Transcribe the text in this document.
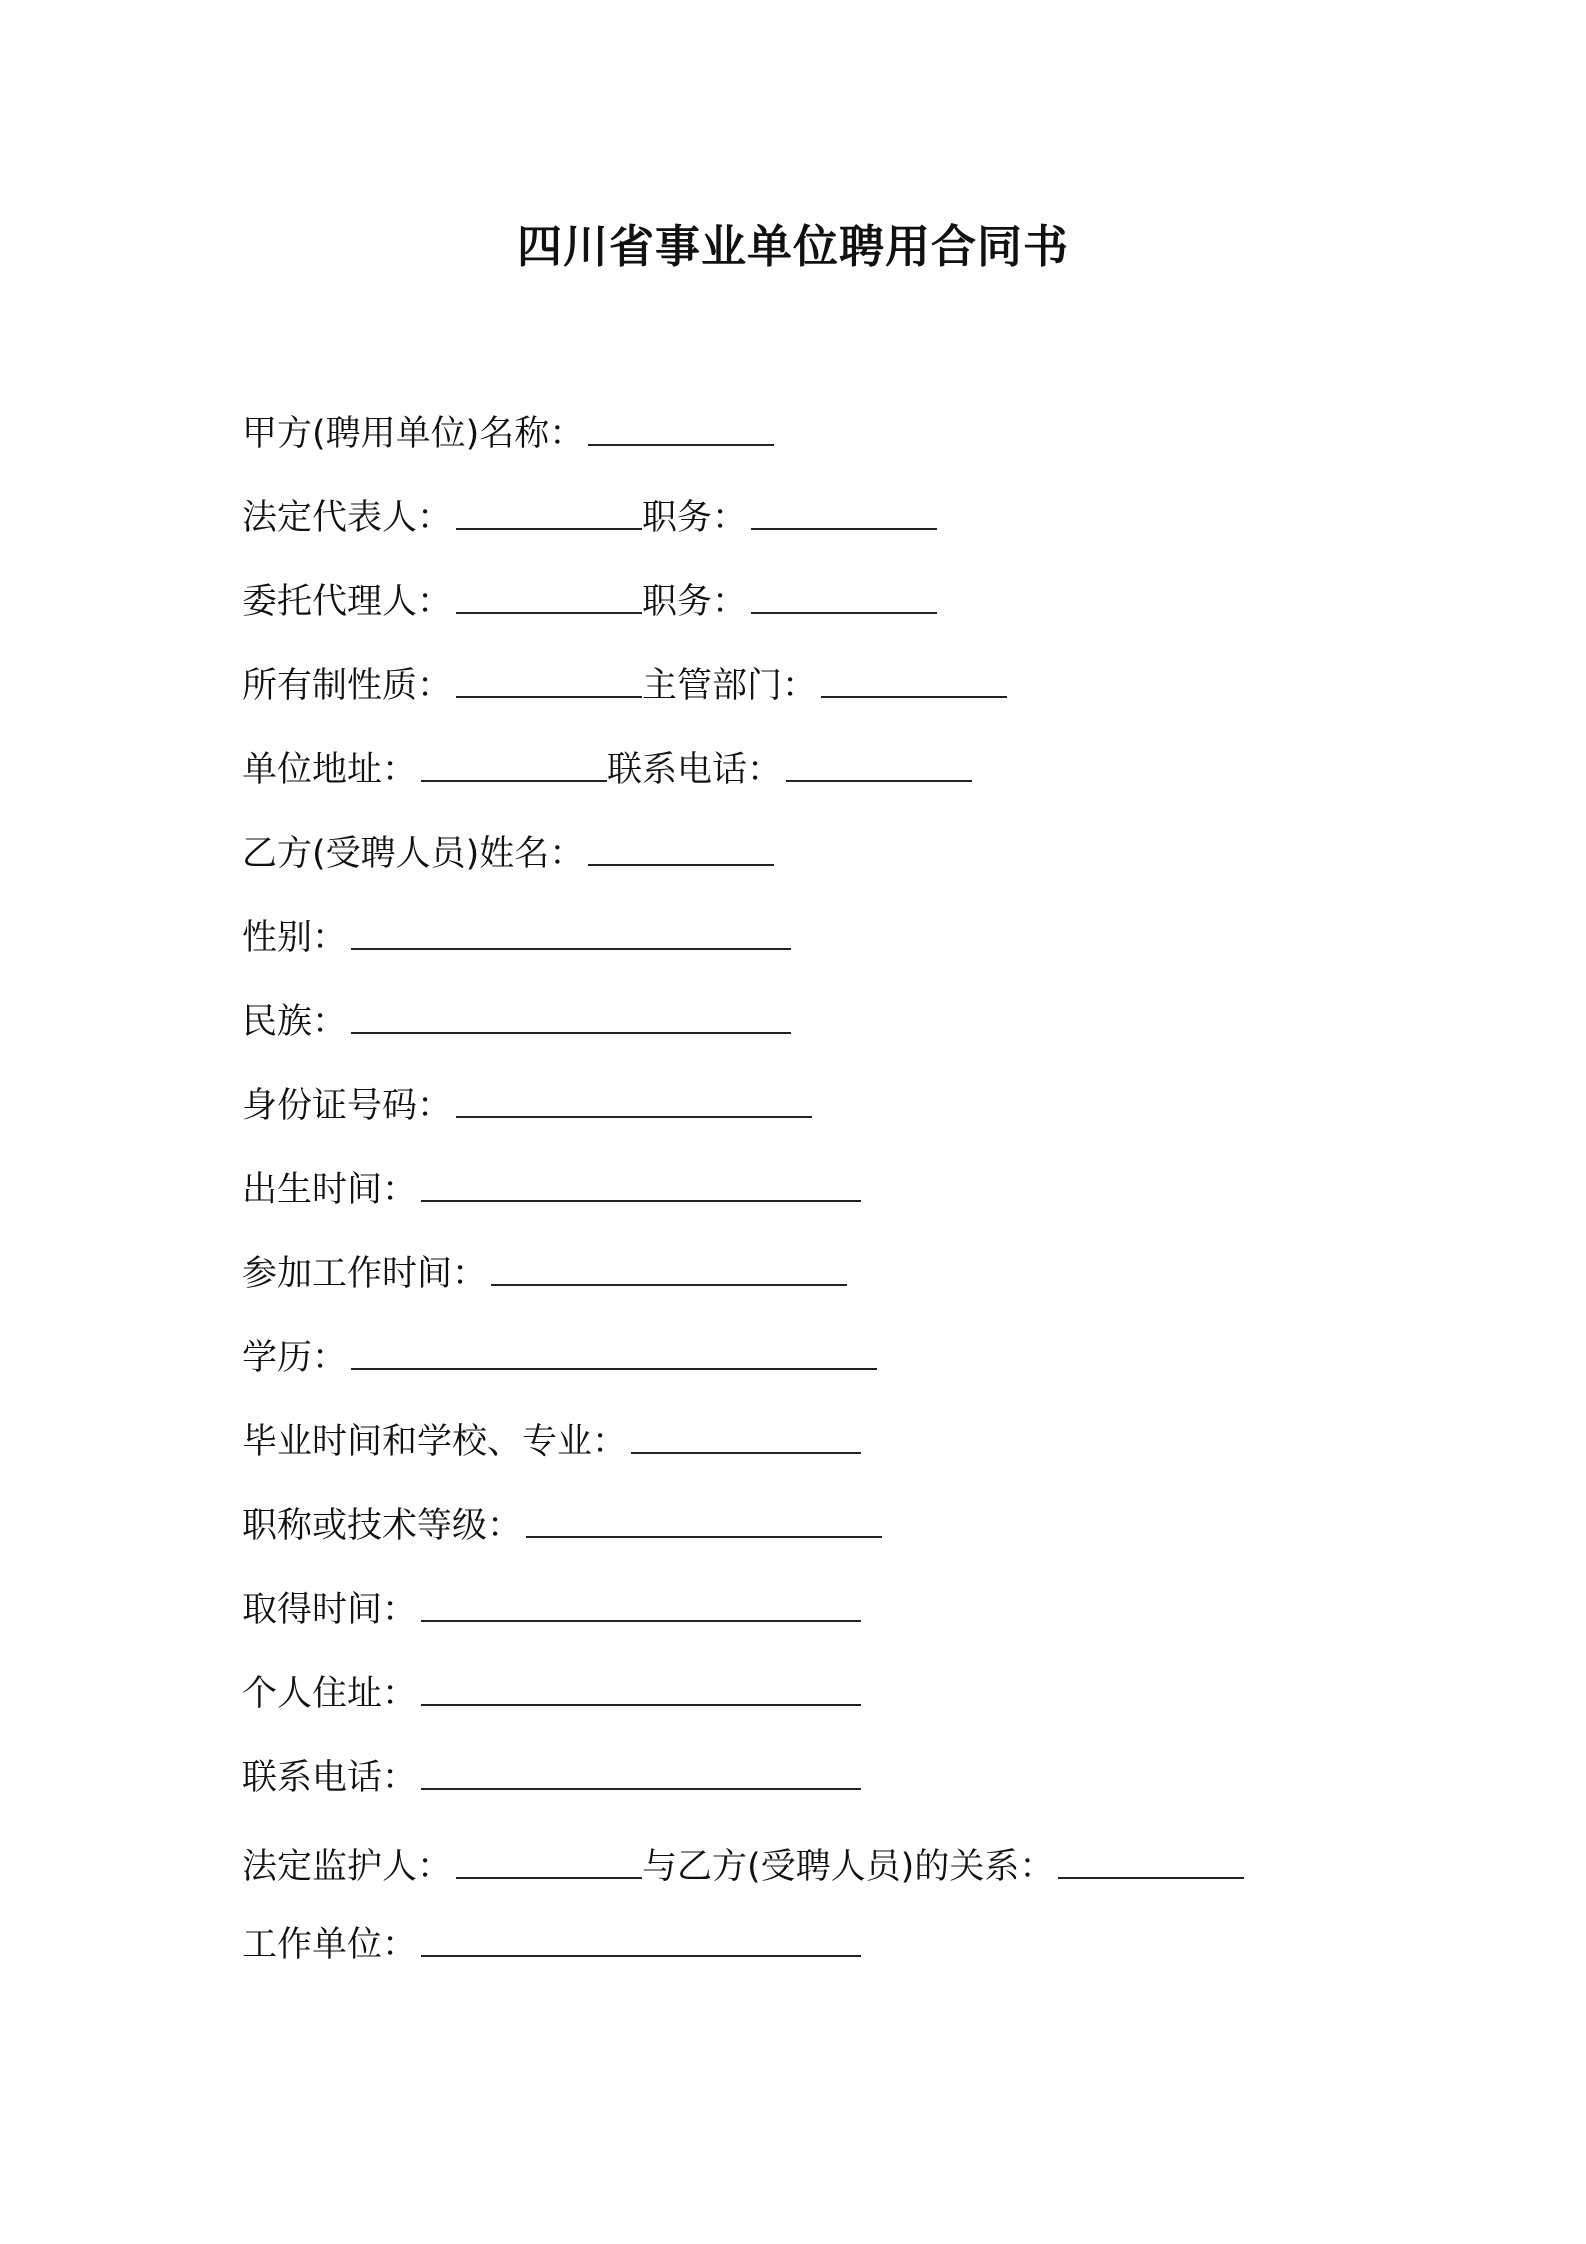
四川省事业单位聘用合同书
甲方(聘用单位)名称：
法定代表人：	职务：
委托代理人：	职务：
所有制性质：	主管部门：
单位地址：	联系电话：
乙方(受聘人员)姓名：
性别：
民族：
身份证号码：
出生时间：
参加工作时间：
学历：
毕业时间和学校、专业：
职称或技术等级：
取得时间：
个人住址：
联系电话：
法定监护人：	与乙方(受聘人员)的关系：
工作单位：
